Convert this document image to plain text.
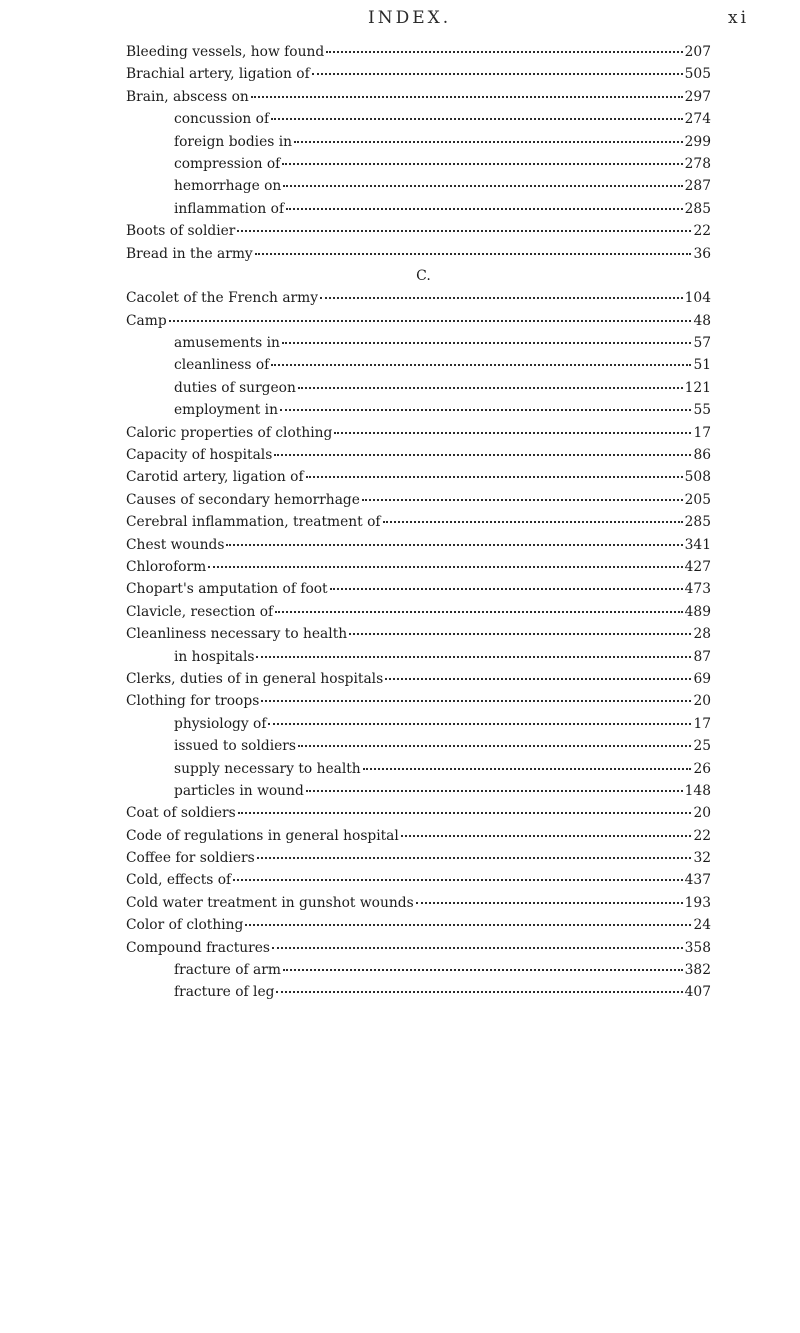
INDEX.	xi
Bleeding vessels, how found	207
Brachial artery, ligation of	505
Brain, abscess on	297
concussion of	274
foreign bodies in	299
compression of	278
hemorrhage on	287
inflammation of	285
Boots of soldier	22
Bread in the army	36
C.
Cacolet of the French army	104
Camp	48
amusements in	57
cleanliness of	51
duties of surgeon	121
employment in	55
Caloric properties of clothing	17
Capacity of hospitals	86
Carotid artery, ligation of	508
Causes of secondary hemorrhage	205
Cerebral inflammation, treatment of	285
Chest wounds	341
Chloroform	427
Chopart's amputation of foot	473
Clavicle, resection of	489
Cleanliness necessary to health	28
in hospitals	87
Clerks, duties of in general hospitals	69
Clothing for troops	20
physiology of	17
issued to soldiers	25
supply necessary to health	26
particles in wound	148
Coat of soldiers	20
Code of regulations in general hospital	22
Coffee for soldiers	32
Cold, effects of	437
Cold water treatment in gunshot wounds	193
Color of clothing	24
Compound fractures	358
fracture of arm	382
fracture of leg	407
